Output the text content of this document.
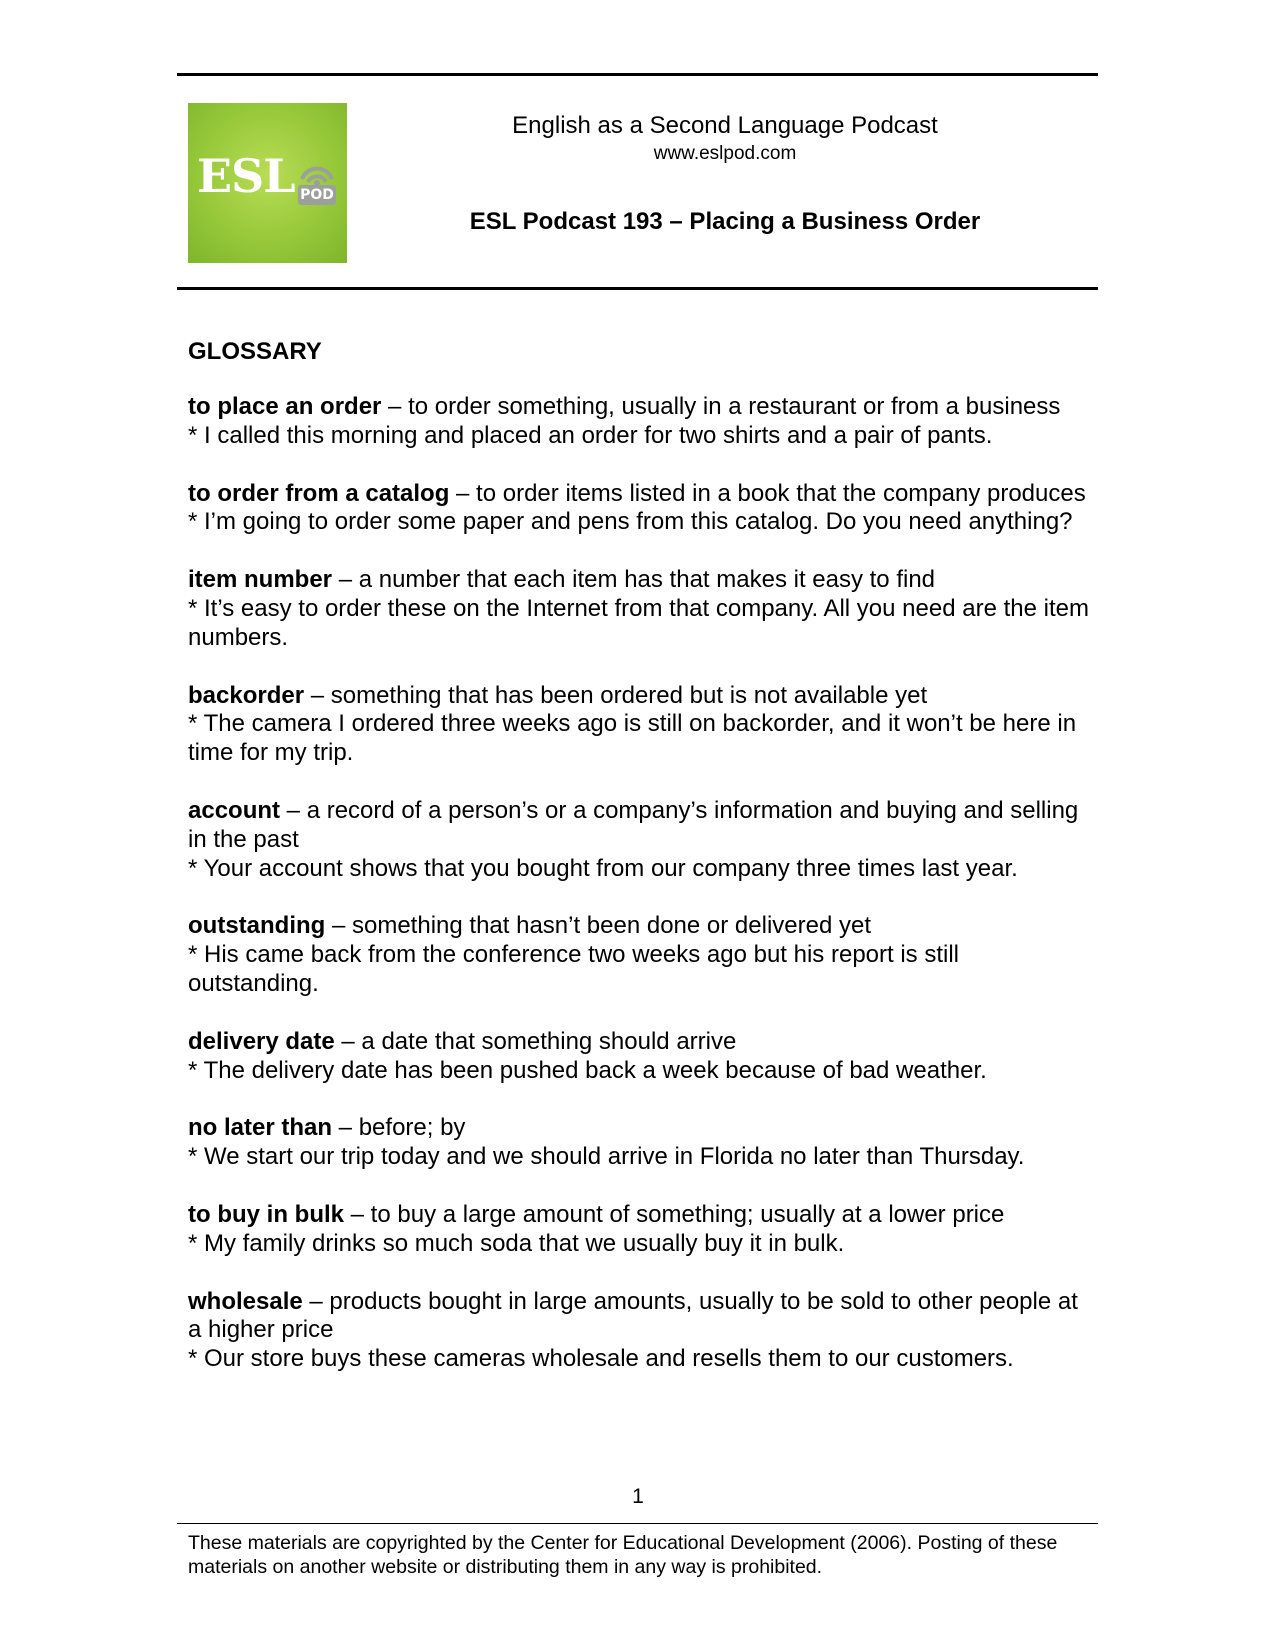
ESL POD
English as a Second Language Podcast
www.eslpod.com
ESL Podcast 193 – Placing a Business Order
GLOSSARY

to place an order – to order something, usually in a restaurant or from a business
* I called this morning and placed an order for two shirts and a pair of pants.

to order from a catalog – to order items listed in a book that the company produces
* I’m going to order some paper and pens from this catalog. Do you need anything?

item number – a number that each item has that makes it easy to find
* It’s easy to order these on the Internet from that company. All you need are the item numbers.

backorder – something that has been ordered but is not available yet
* The camera I ordered three weeks ago is still on backorder, and it won’t be here in time for my trip.

account – a record of a person’s or a company’s information and buying and selling in the past
* Your account shows that you bought from our company three times last year.

outstanding – something that hasn’t been done or delivered yet
* His came back from the conference two weeks ago but his report is still outstanding.

delivery date – a date that something should arrive
* The delivery date has been pushed back a week because of bad weather.

no later than – before; by
* We start our trip today and we should arrive in Florida no later than Thursday.

to buy in bulk – to buy a large amount of something; usually at a lower price
* My family drinks so much soda that we usually buy it in bulk.

wholesale – products bought in large amounts, usually to be sold to other people at a higher price
* Our store buys these cameras wholesale and resells them to our customers.

1
These materials are copyrighted by the Center for Educational Development (2006). Posting of these materials on another website or distributing them in any way is prohibited.
